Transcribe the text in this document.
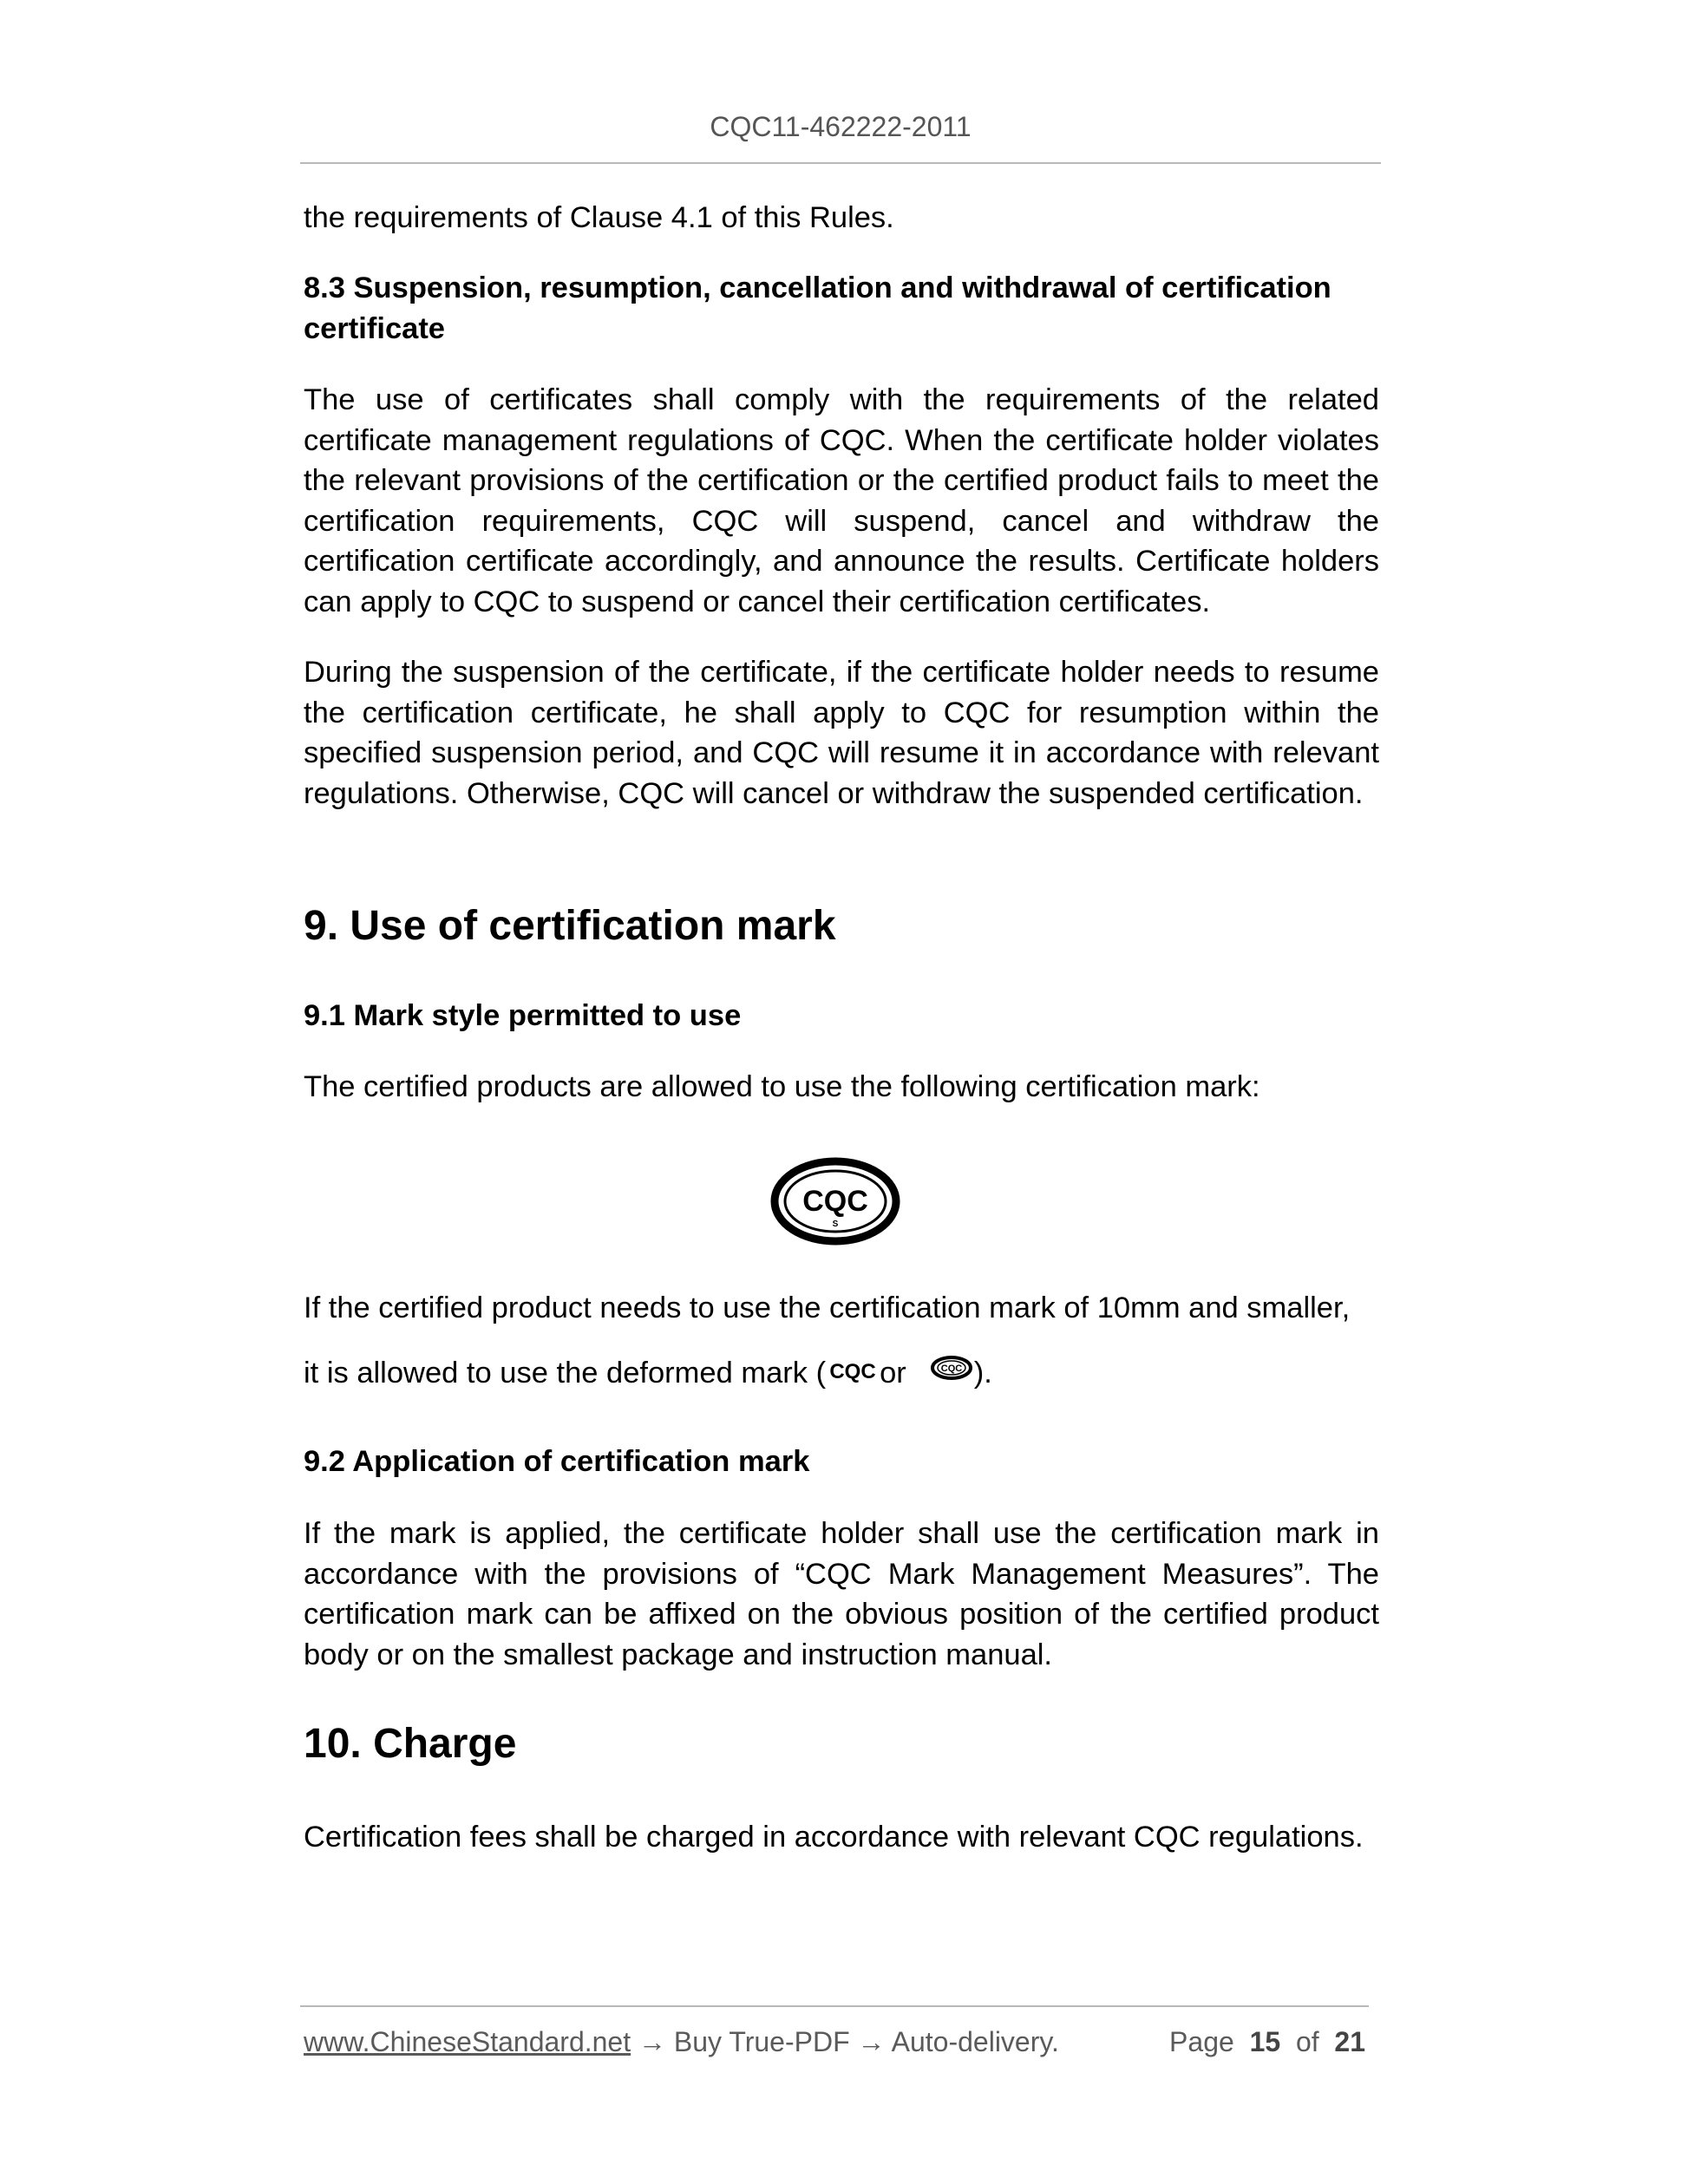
CQC11-462222-2011

the requirements of Clause 4.1 of this Rules.

8.3 Suspension, resumption, cancellation and withdrawal of certification certificate

The use of certificates shall comply with the requirements of the related certificate management regulations of CQC. When the certificate holder violates the relevant provisions of the certification or the certified product fails to meet the certification requirements, CQC will suspend, cancel and withdraw the certification certificate accordingly, and announce the results. Certificate holders can apply to CQC to suspend or cancel their certification certificates.

During the suspension of the certificate, if the certificate holder needs to resume the certification certificate, he shall apply to CQC for resumption within the specified suspension period, and CQC will resume it in accordance with relevant regulations. Otherwise, CQC will cancel or withdraw the suspended certification.

9. Use of certification mark

9.1 Mark style permitted to use

The certified products are allowed to use the following certification mark:

CQC
S

If the certified product needs to use the certification mark of 10mm and smaller,

it is allowed to use the deformed mark ( CQC or	CQC ).

9.2 Application of certification mark

If the mark is applied, the certificate holder shall use the certification mark in accordance with the provisions of “CQC Mark Management Measures”. The certification mark can be affixed on the obvious position of the certified product body or on the smallest package and instruction manual.

10. Charge

Certification fees shall be charged in accordance with relevant CQC regulations.

www.ChineseStandard.net → Buy True-PDF → Auto-delivery.	Page 15 of 21
